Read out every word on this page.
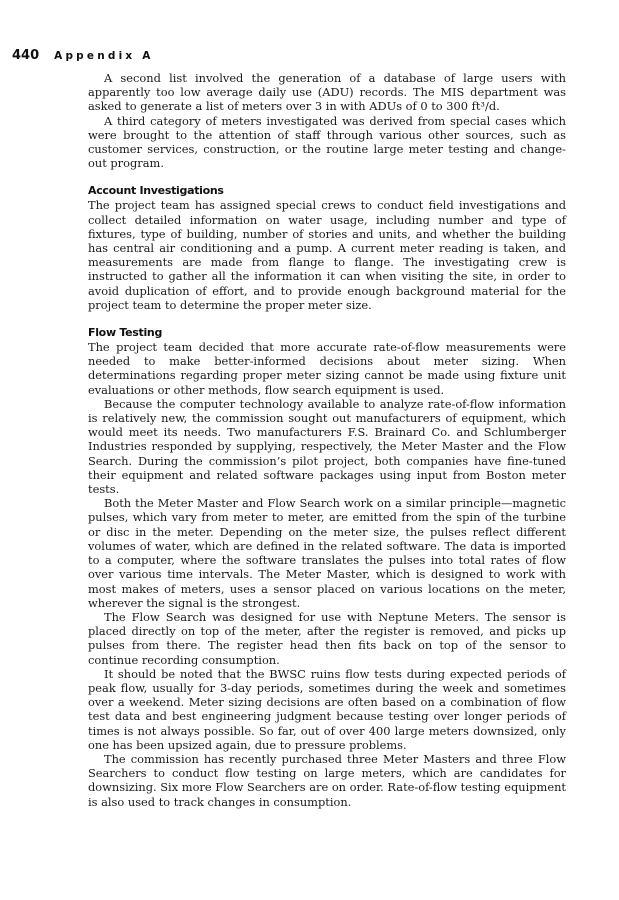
440 Appendix A

A second list involved the generation of a database of large users with apparently too low average daily use (ADU) records. The MIS department was asked to generate a list of meters over 3 in with ADUs of 0 to 300 ft³/d.

A third category of meters investigated was derived from special cases which were brought to the attention of staff through various other sources, such as customer services, construction, or the routine large meter testing and change-out program.

Account Investigations

The project team has assigned special crews to conduct field investigations and collect detailed information on water usage, including number and type of fixtures, type of building, number of stories and units, and whether the building has central air conditioning and a pump. A current meter reading is taken, and measurements are made from flange to flange. The investigating crew is instructed to gather all the information it can when visiting the site, in order to avoid duplication of effort, and to provide enough background material for the project team to determine the proper meter size.

Flow Testing

The project team decided that more accurate rate-of-flow measurements were needed to make better-informed decisions about meter sizing. When determinations regarding proper meter sizing cannot be made using fixture unit evaluations or other methods, flow search equipment is used.

Because the computer technology available to analyze rate-of-flow information is relatively new, the commission sought out manufacturers of equipment, which would meet its needs. Two manufacturers F.S. Brainard Co. and Schlumberger Industries responded by supplying, respectively, the Meter Master and the Flow Search. During the commission’s pilot project, both companies have fine-tuned their equipment and related software packages using input from Boston meter tests.

Both the Meter Master and Flow Search work on a similar principle—magnetic pulses, which vary from meter to meter, are emitted from the spin of the turbine or disc in the meter. Depending on the meter size, the pulses reflect different volumes of water, which are defined in the related software. The data is imported to a computer, where the software translates the pulses into total rates of flow over various time intervals. The Meter Master, which is designed to work with most makes of meters, uses a sensor placed on various locations on the meter, wherever the signal is the strongest.

The Flow Search was designed for use with Neptune Meters. The sensor is placed directly on top of the meter, after the register is removed, and picks up pulses from there. The register head then fits back on top of the sensor to continue recording consumption.

It should be noted that the BWSC ruins flow tests during expected periods of peak flow, usually for 3-day periods, sometimes during the week and sometimes over a weekend. Meter sizing decisions are often based on a combination of flow test data and best engineering judgment because testing over longer periods of times is not always possible. So far, out of over 400 large meters downsized, only one has been upsized again, due to pressure problems.

The commission has recently purchased three Meter Masters and three Flow Searchers to conduct flow testing on large meters, which are candidates for downsizing. Six more Flow Searchers are on order. Rate-of-flow testing equipment is also used to track changes in consumption.
